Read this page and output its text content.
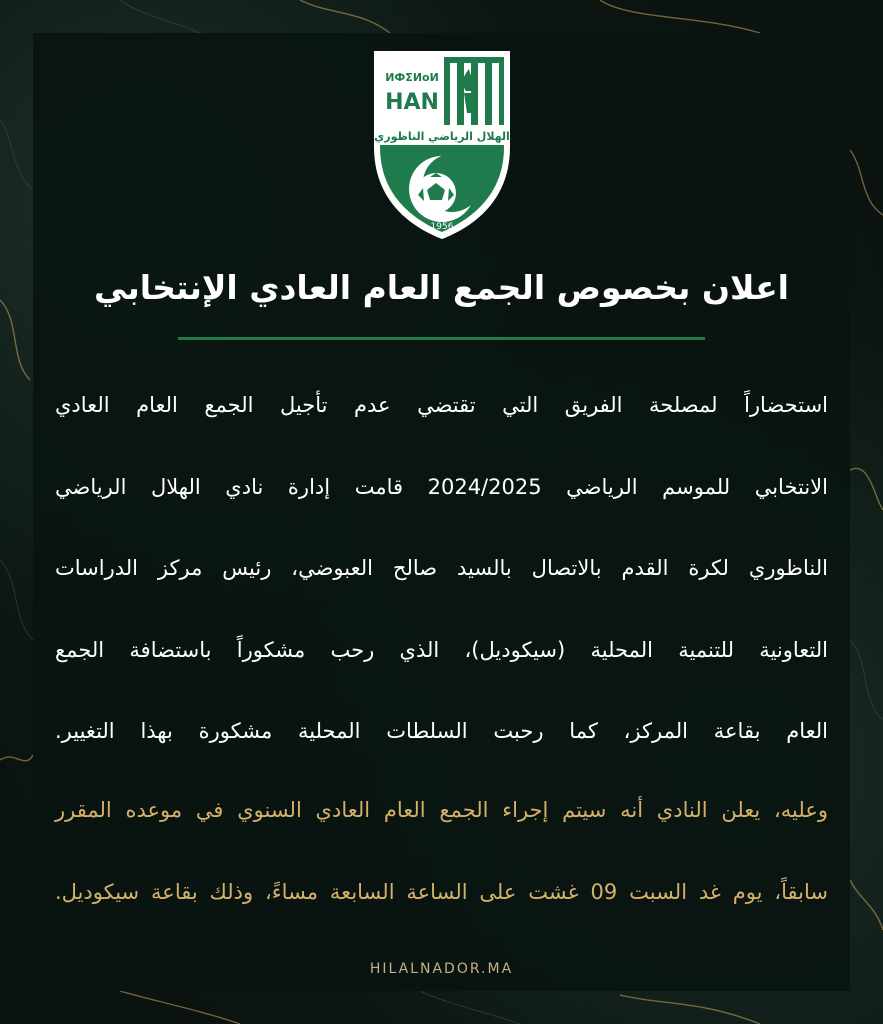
ИФΣИoИ
HAN
الهلال الرياضي الناظوري
1956
اعلان بخصوص الجمع العام العادي الإنتخابي

استحضاراً لمصلحة الفريق التي تقتضي عدم تأجيل الجمع العام العادي
الانتخابي للموسم الرياضي 2024/2025 قامت إدارة نادي الهلال الرياضي
الناظوري لكرة القدم بالاتصال بالسيد صالح العبوضي، رئيس مركز الدراسات
التعاونية للتنمية المحلية (سيكوديل)، الذي رحب مشكوراً باستضافة الجمع
العام بقاعة المركز، كما رحبت السلطات المحلية مشكورة بهذا التغيير.

وعليه، يعلن النادي أنه سيتم إجراء الجمع العام العادي السنوي في موعده المقرر
سابقاً، يوم غد السبت 09 غشت على الساعة السابعة مساءً، وذلك بقاعة سيكوديل.

HILALNADOR.MA
